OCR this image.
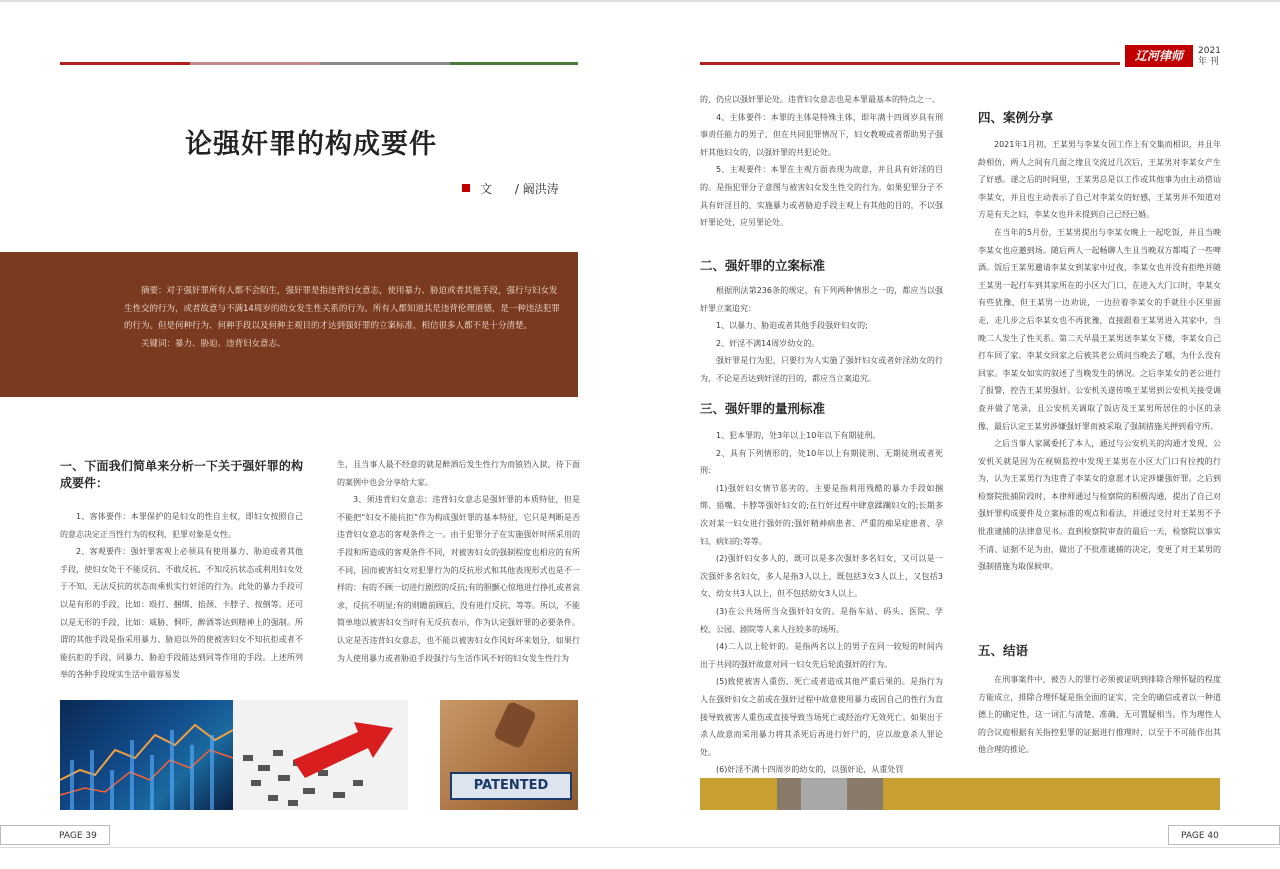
辽河律师	2021
年 刊
论强奸罪的构成要件
文 / 阚洪涛

摘要：对于强奸罪所有人都不会陌生，强奸罪是指违背妇女意志，使用暴力、胁迫或者其他手段，强行与妇女发生性交的行为，或者故意与不满14周岁的幼女发生性关系的行为。所有人都知道其是违背伦理道德，是一种违法犯罪的行为。但是何种行为、何种手段以及何种主观目的才达到强奸罪的立案标准，相信很多人都不是十分清楚。

关键词：暴力、胁迫、违背妇女意志、

一、下面我们简单来分析一下关于强奸罪的构成要件：

1、客体要件：本罪保护的是妇女的性自主权，即妇女按照自己的意志决定正当性行为的权利，犯罪对象是女性。

2、客观要件：强奸罪客观上必须具有使用暴力、胁迫或者其他手段，使妇女处于不能反抗、不敢反抗、不知反抗状态或利用妇女处于不知、无法反抗的状态而乘机实行奸淫的行为。此处的暴力手段可以是有形的手段，比如：殴打、捆绑、掐颈、卡脖子、按倒等。还可以是无形的手段，比如：威胁、恫吓，醉酒等达到精神上的强制。所谓的其他手段是指采用暴力、胁迫以外的使被害妇女不知抗拒或者不能抗拒的手段，同暴力、胁迫手段能达到同等作用的手段。上述所列举的各种手段现实生活中最容易发

生，且当事人最不经意的就是醉酒后发生性行为而锒铛入狱。待下面的案例中也会分享给大家。

3、须违背妇女意志：违背妇女意志是强奸罪的本质特征，但是不能把“妇女不能抗拒”作为构成强奸罪的基本特征，它只是判断是否违背妇女意志的客观条件之一。由于犯罪分子在实施强奸时所采用的手段和所造成的客观条件不同，对被害妇女的强制程度也相应的有所不同，因而被害妇女对犯罪行为的反抗形式和其他表现形式也是不一样的：有的不顾一切进行剧烈的反抗;有的胆颤心惊地进行挣扎或者哀求，反抗不明显;有的则瞻前顾后，没有进行反抗、等等。所以，不能简单地以被害妇女当时有无反抗表示，作为认定强奸罪的必要条件。认定是否违背妇女意志，也不能以被害妇女作风好坏来划分，如果行为人使用暴力或者胁迫手段强行与生活作风不好的妇女发生性行为

PATENTED

的，仍应以强奸罪论处。违背妇女意志也是本罪最基本的特点之一。

4、主体要件：本罪的主体是特殊主体，即年满十四周岁具有刑事责任能力的男子，但在共同犯罪情况下，妇女教唆或者帮助男子强奸其他妇女的，以强奸罪的共犯论处。

5、主观要件：本罪在主观方面表现为故意，并且具有奸淫的目的。是指犯罪分子意图与被害妇女发生性交的行为。如果犯罪分子不具有奸淫目的，实施暴力或者胁迫手段主观上有其他的目的，不以强奸罪论处，应另罪论处。

二、强奸罪的立案标准

根据刑法第236条的规定，有下列两种情形之一的，都应当以强奸罪立案追究：

1、以暴力、胁迫或者其他手段强奸妇女的;

2、奸淫不满14周岁幼女的。

强奸罪是行为犯，只要行为人实施了强奸妇女或者奸淫幼女的行为，不论是否达到奸淫的目的，都应当立案追究。

三、强奸罪的量刑标准

1、犯本罪的，处3年以上10年以下有期徒刑。

2、具有下列情形的，处10年以上有期徒刑、无期徒刑或者死刑：

(1)强奸妇女情节恶劣的。主要是指利用残酷的暴力手段如捆绑、捂嘴、卡脖等强奸妇女的;在行奸过程中肆意蹂躏妇女的;长期多次对某一妇女进行强奸的;强奸精神病患者、严重的痴呆症患者、孕妇、病妇的;等等。

(2)强奸妇女多人的，既可以是多次强奸多名妇女，又可以是一次强奸多名妇女，多人是指3人以上，既包括3女3人以上，又包括3女、幼女共3人以上，但不包括幼女3人以上。

(3)在公共场所当众强奸妇女的。是指车站、码头、医院、学校、公园、剧院等人来人往较多的场所。

(4)二人以上轮奸的。是指两名以上的男子在同一较短的时间内出于共同的强奸故意对同一妇女先后轮流强奸的行为。

(5)致使被害人重伤、死亡或者造成其他严重后果的。是指行为人在强奸妇女之前或在强奸过程中故意使用暴力或因自己的性行为直接导致被害人重伤或直接导致当场死亡或经治疗无效死亡。如果出于杀人故意而采用暴力将其杀死后再进行奸尸的，应以故意杀人罪论处。

(6)奸淫不满十四周岁的幼女的，以强奸论，从重处罚

四、案例分享

2021年1月初，王某男与李某女因工作上有交集而相识，并且年龄相仿，两人之间有几面之缘且交流过几次后，王某男对李某女产生了好感。遂之后的时间里，王某男总是以工作或其他事为由主动搭讪李某女，并且也主动表示了自己对李某女的好感，王某男并不知道对方是有夫之妇，李某女也并未提到自己已经已婚。

在当年的5月份，王某男提出与李某女晚上一起吃饭，并且当晚李某女也应邀到场。随后两人一起畅聊人生且当晚双方都喝了一些啤酒。饭后王某男邀请李某女到某家中过夜，李某女也并没有拒绝并随王某男一起打车到其家所在的小区大门口，在进入大门口时，李某女有些犹豫，但王某男一边劝说，一边拉着李某女的手就往小区里面走，走几步之后李某女也不再犹豫，直接跟着王某男进入其家中，当晚二人发生了性关系。第二天早晨王某男送李某女下楼，李某女自己打车回了家。李某女回家之后被其老公质问当晚去了哪，为什么没有回家。李某女如实的叙述了当晚发生的情况。之后李某女的老公进行了报警，控告王某男强奸。公安机关遂传唤王某男到公安机关接受调查并做了笔录，且公安机关调取了饭店及王某男所居住的小区的录像，最后认定王某男涉嫌强奸罪而被采取了强制措施关押到看守所。

之后当事人家属委托了本人，通过与公安机关的沟通才发现，公安机关就是因为在视频监控中发现王某男在小区大门口有拉拽的行为，认为王某男行为违背了李某女的意愿才认定涉嫌强奸罪。之后到检察院批捕阶段时，本律师通过与检察院的积极沟通，提出了自己对强奸罪构成要件及立案标准的观点和看法，并通过交付对王某男不予批准逮捕的法律意见书。直到检察院审查的最后一天，检察院以事实不清、证据不足为由，做出了不批准逮捕的决定，变更了对王某男的强制措施为取保候审。

五、结语

在刑事案件中，被告人的罪行必须被证明到排除合理怀疑的程度方能成立，排除合理怀疑是指全面的证实，完全的确信或者以一种道德上的确定性，这一词汇与清楚、准确、无可置疑相当。作为理性人的合议庭根据有关指控犯罪的证据进行推理时，以至于不可能作出其他合理的推论。

PAGE 39	PAGE 40
